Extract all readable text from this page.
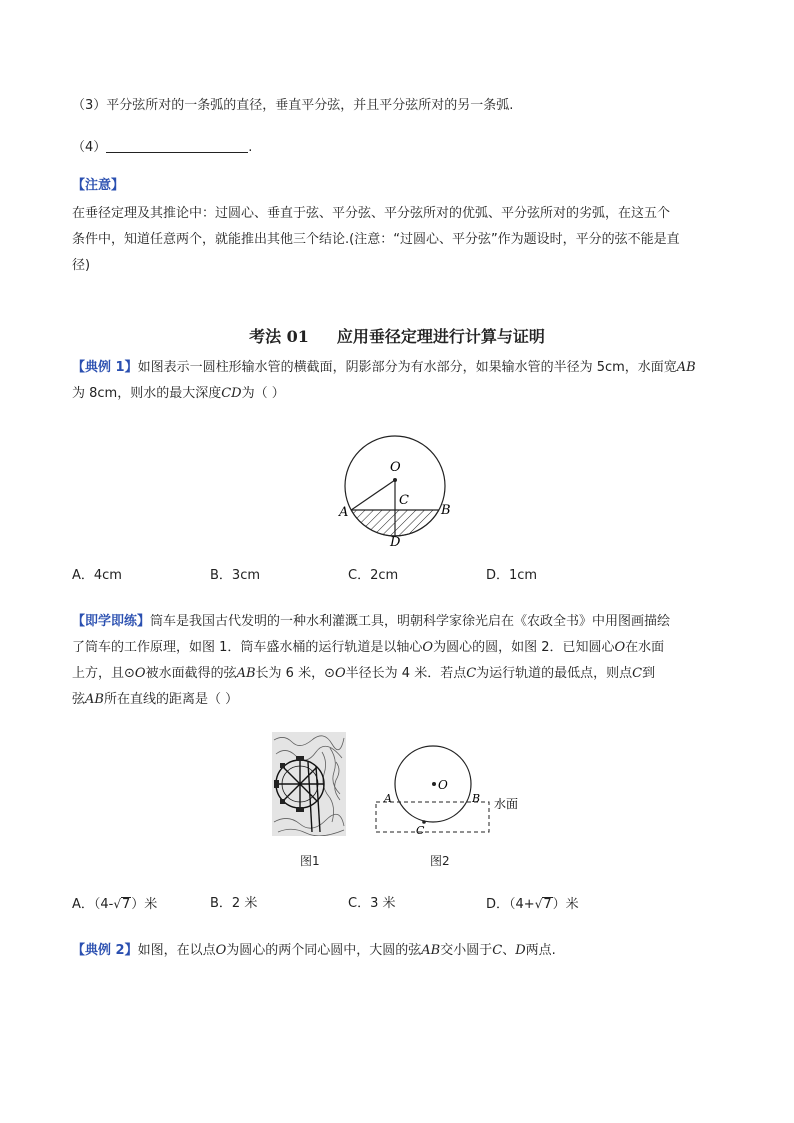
（3）平分弦所对的一条弧的直径，垂直平分弦，并且平分弦所对的另一条弧.
（4）	.
【注意】
在垂径定理及其推论中：过圆心、垂直于弦、平分弦、平分弦所对的优弧、平分弦所对的劣弧，在这五个
条件中，知道任意两个，就能推出其他三个结论.(注意：“过圆心、平分弦”作为题设时，平分的弦不能是直
径)
考法 01 应用垂径定理进行计算与证明
【典例 1】如图表示一圆柱形输水管的横截面，阴影部分为有水部分，如果输水管的半径为 5cm，水面宽AB
为 8cm，则水的最大深度CD为（ ）
O
C
A	B
D
A．4cm	B．3cm	C．2cm	D．1cm
【即学即练】筒车是我国古代发明的一种水利灌溉工具，明朝科学家徐光启在《农政全书》中用图画描绘
了筒车的工作原理，如图 1．筒车盛水桶的运行轨道是以轴心O为圆心的圆，如图 2．已知圆心O在水面
上方，且⊙O被水面截得的弦AB长为 6 米，⊙O半径长为 4 米．若点C为运行轨道的最低点，则点C到
弦AB所在直线的距离是（ ）
图1
O
A	B
C
水面
图2
A．（4-√7）米	B．2 米	C．3 米	D．（4+√7）米
【典例 2】如图，在以点O为圆心的两个同心圆中，大圆的弦AB交小圆于C、D两点.
